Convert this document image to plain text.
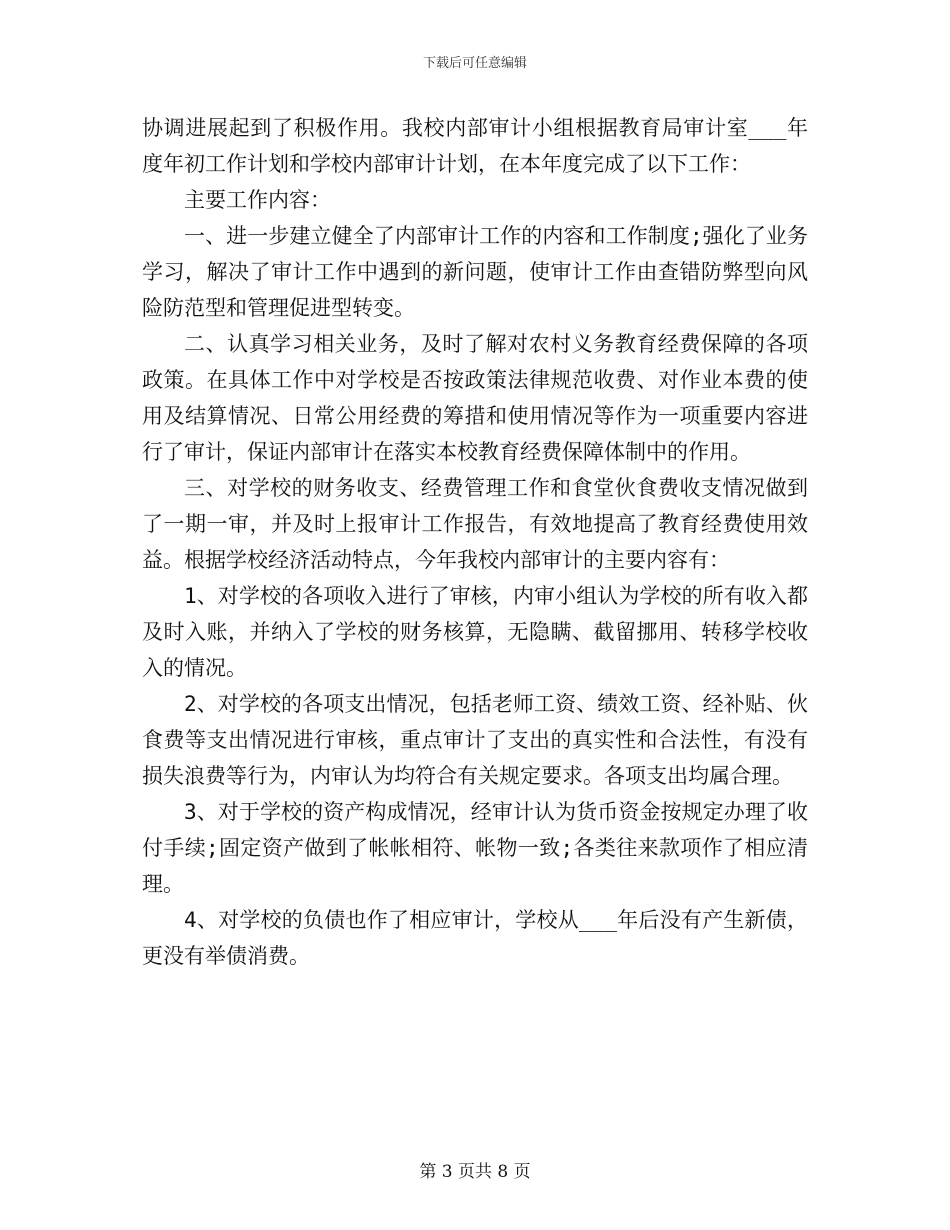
下载后可任意编辑

协调进展起到了积极作用。我校内部审计小组根据教育局审计室___年度年初工作计划和学校内部审计计划，在本年度完成了以下工作：

主要工作内容：

一、进一步建立健全了内部审计工作的内容和工作制度;强化了业务学习，解决了审计工作中遇到的新问题，使审计工作由查错防弊型向风险防范型和管理促进型转变。

二、认真学习相关业务，及时了解对农村义务教育经费保障的各项政策。在具体工作中对学校是否按政策法律规范收费、对作业本费的使用及结算情况、日常公用经费的筹措和使用情况等作为一项重要内容进行了审计，保证内部审计在落实本校教育经费保障体制中的作用。

三、对学校的财务收支、经费管理工作和食堂伙食费收支情况做到了一期一审，并及时上报审计工作报告，有效地提高了教育经费使用效益。根据学校经济活动特点，今年我校内部审计的主要内容有：

1、对学校的各项收入进行了审核，内审小组认为学校的所有收入都及时入账，并纳入了学校的财务核算，无隐瞒、截留挪用、转移学校收入的情况。

2、对学校的各项支出情况，包括老师工资、绩效工资、经补贴、伙食费等支出情况进行审核，重点审计了支出的真实性和合法性，有没有损失浪费等行为，内审认为均符合有关规定要求。各项支出均属合理。

3、对于学校的资产构成情况，经审计认为货币资金按规定办理了收付手续;固定资产做到了帐帐相符、帐物一致;各类往来款项作了相应清理。

4、对学校的负债也作了相应审计，学校从___年后没有产生新债，更没有举债消费。

第 3 页共 8 页
